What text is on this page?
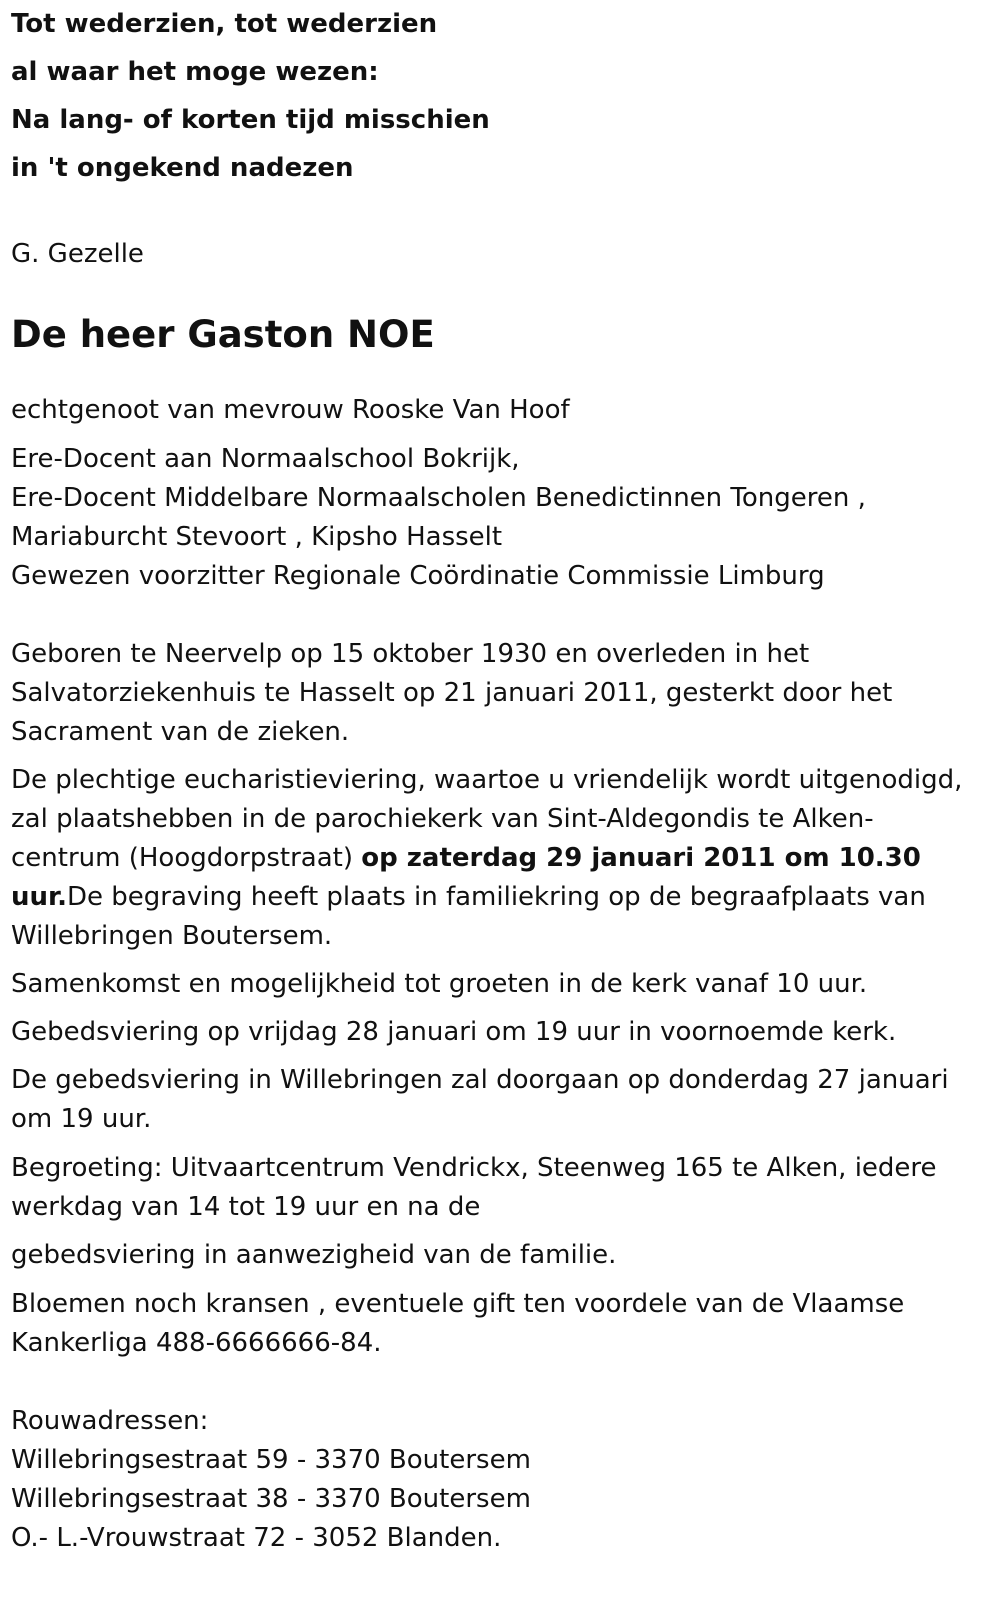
Tot wederzien, tot wederzien
al waar het moge wezen:
Na lang- of korten tijd misschien
in 't ongekend nadezen
G. Gezelle
De heer Gaston NOE
echtgenoot van mevrouw Rooske Van Hoof
Ere-Docent aan Normaalschool Bokrijk,
Ere-Docent Middelbare Normaalscholen Benedictinnen Tongeren ,
Mariaburcht Stevoort , Kipsho Hasselt
Gewezen voorzitter Regionale Coördinatie Commissie Limburg
Geboren te Neervelp op 15 oktober 1930 en overleden in het
Salvatorziekenhuis te Hasselt op 21 januari 2011, gesterkt door het
Sacrament van de zieken.
De plechtige eucharistieviering, waartoe u vriendelijk wordt uitgenodigd,
zal plaatshebben in de parochiekerk van Sint-Aldegondis te Alken-
centrum (Hoogdorpstraat) op zaterdag 29 januari 2011 om 10.30
uur.De begraving heeft plaats in familiekring op de begraafplaats van
Willebringen Boutersem.
Samenkomst en mogelijkheid tot groeten in de kerk vanaf 10 uur.
Gebedsviering op vrijdag 28 januari om 19 uur in voornoemde kerk.
De gebedsviering in Willebringen zal doorgaan op donderdag 27 januari
om 19 uur.
Begroeting: Uitvaartcentrum Vendrickx, Steenweg 165 te Alken, iedere
werkdag van 14 tot 19 uur en na de
gebedsviering in aanwezigheid van de familie.
Bloemen noch kransen , eventuele gift ten voordele van de Vlaamse
Kankerliga 488-6666666-84.
Rouwadressen:
Willebringsestraat 59 - 3370 Boutersem
Willebringsestraat 38 - 3370 Boutersem
O.- L.-Vrouwstraat 72 - 3052 Blanden.
